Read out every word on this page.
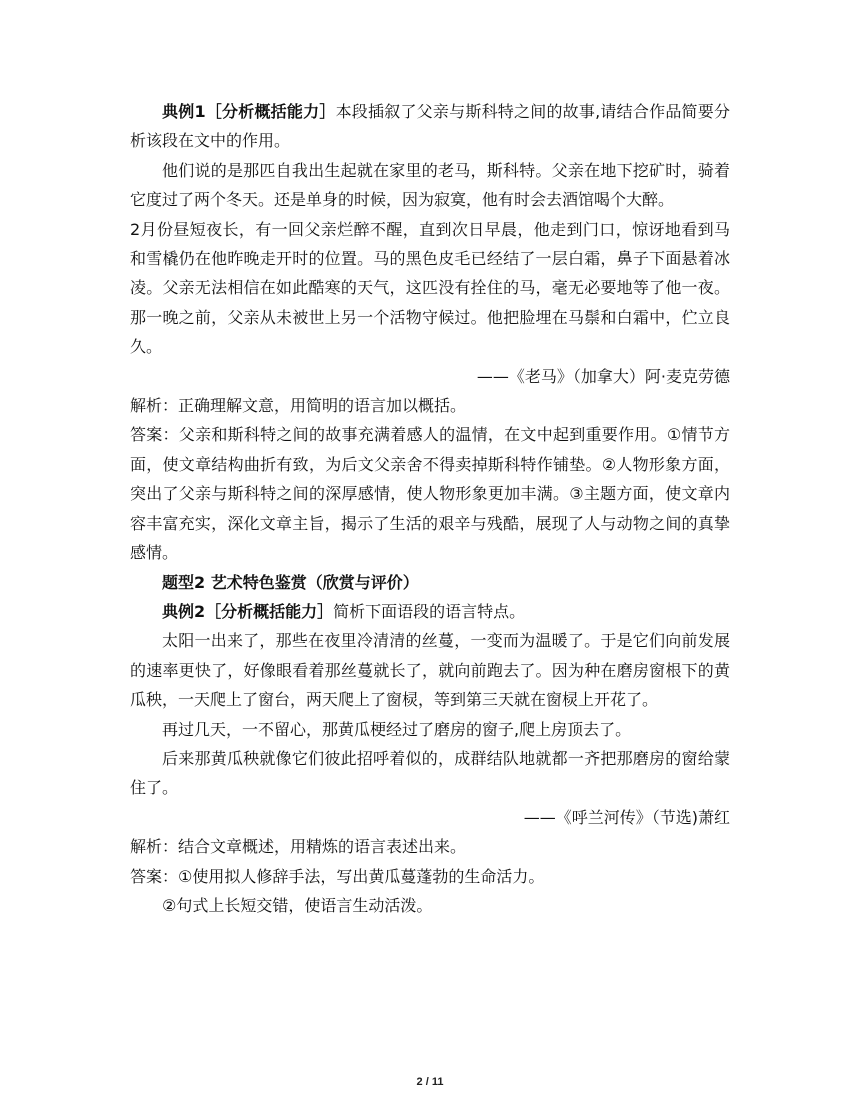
典例1［分析概括能力］本段插叙了父亲与斯科特之间的故事,请结合作品简要分析该段在文中的作用。

他们说的是那匹自我出生起就在家里的老马，斯科特。父亲在地下挖矿时，骑着它度过了两个冬天。还是单身的时候，因为寂寞，他有时会去酒馆喝个大醉。

2月份昼短夜长，有一回父亲烂醉不醒，直到次日早晨，他走到门口，惊讶地看到马和雪橇仍在他昨晚走开时的位置。马的黑色皮毛已经结了一层白霜，鼻子下面悬着冰凌。父亲无法相信在如此酷寒的天气，这匹没有拴住的马，毫无必要地等了他一夜。那一晚之前，父亲从未被世上另一个活物守候过。他把脸埋在马鬃和白霜中，伫立良久。

——《老马》（加拿大）阿·麦克劳德

解析：正确理解文意，用简明的语言加以概括。

答案：父亲和斯科特之间的故事充满着感人的温情，在文中起到重要作用。①情节方面，使文章结构曲折有致，为后文父亲舍不得卖掉斯科特作铺垫。②人物形象方面，突出了父亲与斯科特之间的深厚感情，使人物形象更加丰满。③主题方面，使文章内容丰富充实，深化文章主旨，揭示了生活的艰辛与残酷，展现了人与动物之间的真挚感情。

题型2 艺术特色鉴赏（欣赏与评价）

典例2［分析概括能力］简析下面语段的语言特点。

太阳一出来了，那些在夜里冷清清的丝蔓，一变而为温暖了。于是它们向前发展的速率更快了，好像眼看着那丝蔓就长了，就向前跑去了。因为种在磨房窗根下的黄瓜秧，一天爬上了窗台，两天爬上了窗棂，等到第三天就在窗棂上开花了。

再过几天，一不留心，那黄瓜梗经过了磨房的窗子,爬上房顶去了。

后来那黄瓜秧就像它们彼此招呼着似的，成群结队地就都一齐把那磨房的窗给蒙住了。

——《呼兰河传》（节选)萧红

解析：结合文章概述，用精炼的语言表述出来。

答案：①使用拟人修辞手法，写出黄瓜蔓蓬勃的生命活力。

②句式上长短交错，使语言生动活泼。

2 / 11
